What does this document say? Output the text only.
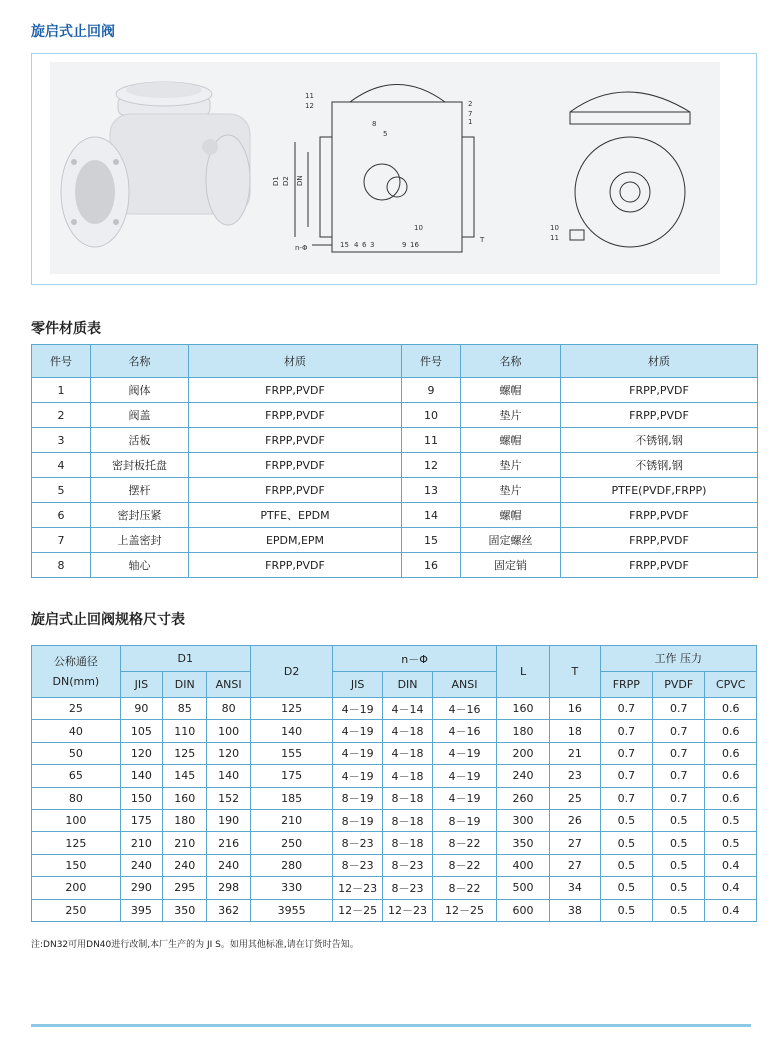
旋启式止回阀
11
12
8
5
2
7
1
D2 DN
D1
10
n-Φ	15 4 6 3	9 16
T
10
11
零件材质表
件号	名称	材质	件号	名称	材质
1	阀体	FRPP,PVDF	9	螺帽	FRPP,PVDF
2	阀盖	FRPP,PVDF	10	垫片	FRPP,PVDF
3	活板	FRPP,PVDF	11	螺帽	不锈钢,钢
4	密封板托盘	FRPP,PVDF	12	垫片	不锈钢,钢
5	摆杆	FRPP,PVDF	13	垫片	PTFE(PVDF,FRPP)
6	密封压紧	PTFE、EPDM	14	螺帽	FRPP,PVDF
7	上盖密封	EPDM,EPM	15	固定螺丝	FRPP,PVDF
8	轴心	FRPP,PVDF	16	固定销	FRPP,PVDF
旋启式止回阀规格尺寸表
公称通径 DN(mm)	D1			D2	n－Φ			L	T	工作 压力		
	JIS	DIN	ANSI		JIS	DIN	ANSI			FRPP	PVDF	CPVC
25	90	85	80	125	4－19	4－14	4－16	160	16	0.7	0.7	0.6
40	105	110	100	140	4－19	4－18	4－16	180	18	0.7	0.7	0.6
50	120	125	120	155	4－19	4－18	4－19	200	21	0.7	0.7	0.6
65	140	145	140	175	4－19	4－18	4－19	240	23	0.7	0.7	0.6
80	150	160	152	185	8－19	8－18	4－19	260	25	0.7	0.7	0.6
100	175	180	190	210	8－19	8－18	8－19	300	26	0.5	0.5	0.5
125	210	210	216	250	8－23	8－18	8－22	350	27	0.5	0.5	0.5
150	240	240	240	280	8－23	8－23	8－22	400	27	0.5	0.5	0.4
200	290	295	298	330	12－23	8－23	8－22	500	34	0.5	0.5	0.4
250	395	350	362	3955	12－25	12－23	12－25	600	38	0.5	0.5	0.4
注:DN32可用DN40进行改制,本厂生产的为 JI S。如用其他标准,请在订货时告知。
